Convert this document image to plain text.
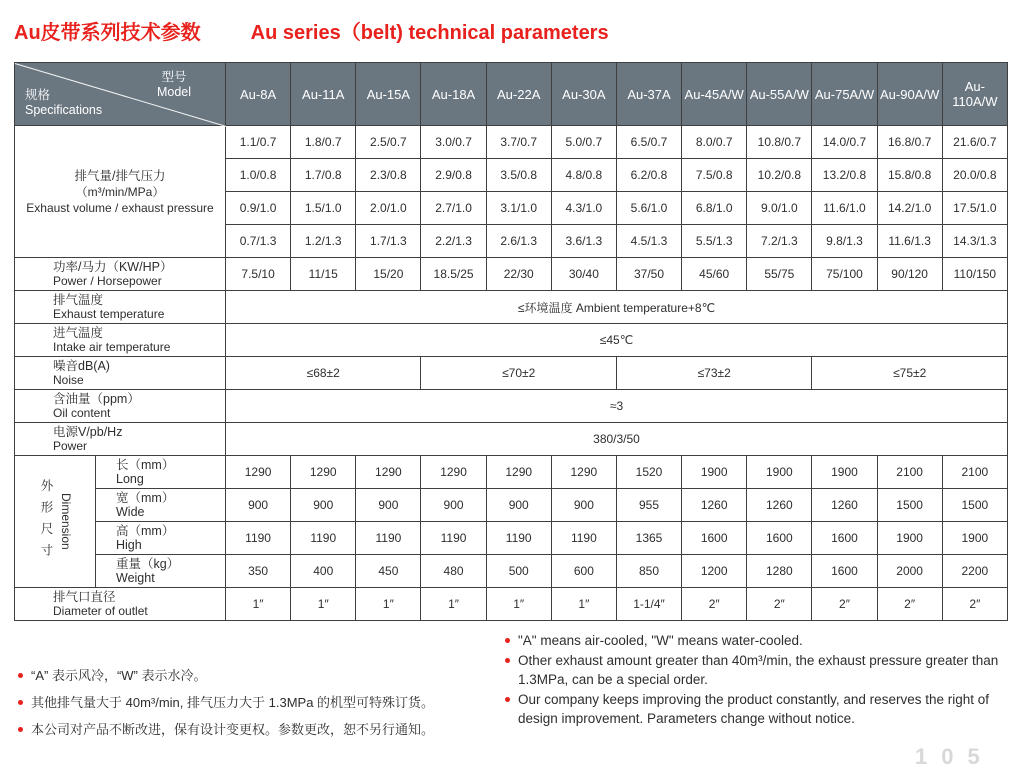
Au皮带系列技术参数	Au series（belt) technical parameters
型号
Model
规格
Specifications		Au-8A	Au-11A	Au-15A	Au-18A	Au-22A	Au-30A	Au-37A	Au-45A/W	Au-55A/W	Au-75A/W	Au-90A/W	Au-110A/W

排气量/排气压力
（m³/min/MPa）
Exhaust volume / exhaust pressure		1.1/0.7	1.8/0.7	2.5/0.7	3.0/0.7	3.7/0.7	5.0/0.7	6.5/0.7	8.0/0.7	10.8/0.7	14.0/0.7	16.8/0.7	21.6/0.7
		1.0/0.8	1.7/0.8	2.3/0.8	2.9/0.8	3.5/0.8	4.8/0.8	6.2/0.8	7.5/0.8	10.2/0.8	13.2/0.8	15.8/0.8	20.0/0.8
		0.9/1.0	1.5/1.0	2.0/1.0	2.7/1.0	3.1/1.0	4.3/1.0	5.6/1.0	6.8/1.0	9.0/1.0	11.6/1.0	14.2/1.0	17.5/1.0
		0.7/1.3	1.2/1.3	1.7/1.3	2.2/1.3	2.6/1.3	3.6/1.3	4.5/1.3	5.5/1.3	7.2/1.3	9.8/1.3	11.6/1.3	14.3/1.3

功率/马力（KW/HP）
Power / Horsepower		7.5/10	11/15	15/20	18.5/25	22/30	30/40	37/50	45/60	55/75	75/100	90/120	110/150

排气温度
Exhaust temperature		≤环境温度 Ambient temperature+8℃											

进气温度
Intake air temperature		≤45℃											

噪音dB(A)
Noise		≤68±2			≤70±2			≤73±2			≤75±2		

含油量（ppm）
Oil content		≈3											

电源V/pb/Hz
Power		380/3/50											

外形尺寸 Dimension

长（mm）
Long	1290	1290	1290	1290	1290	1290	1520	1900	1900	1900	2100	2100

	宽（mm）
Wide	900	900	900	900	900	900	955	1260	1260	1260	1500	1500

	高（mm）
High	1190	1190	1190	1190	1190	1190	1365	1600	1600	1600	1900	1900

	重量（kg）
Weight	350	400	450	480	500	600	850	1200	1280	1600	2000	2200

排气口直径
Diameter of outlet		1″	1″	1″	1″	1″	1″	1-1/4″	2″	2″	2″	2″	2″
“A” 表示风冷，“W” 表示水冷。
其他排气量大于 40m³/min, 排气压力大于 1.3MPa 的机型可特殊订货。
本公司对产品不断改进，保有设计变更权。参数更改，恕不另行通知。
"A" means air-cooled, "W" means water-cooled.
Other exhaust amount greater than 40m³/min, the exhaust pressure greater than 1.3MPa, can be a special order.
Our company keeps improving the product constantly, and reserves the right of design improvement. Parameters change without notice.
105
